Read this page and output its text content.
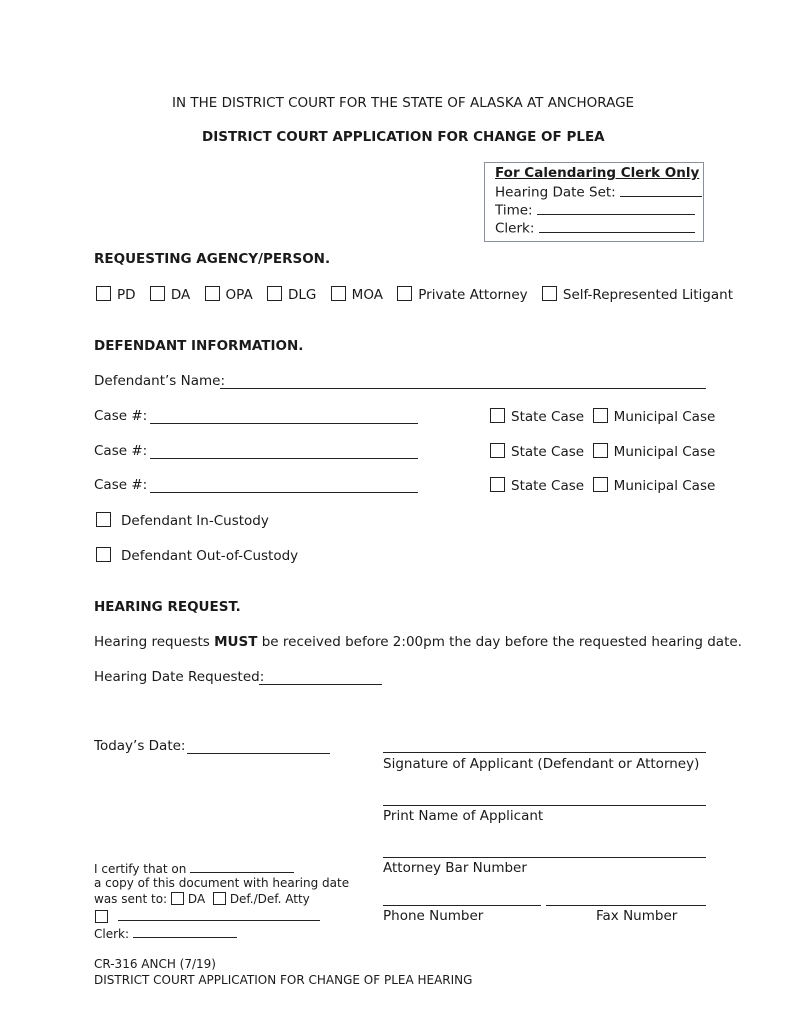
IN THE DISTRICT COURT FOR THE STATE OF ALASKA AT ANCHORAGE
DISTRICT COURT APPLICATION FOR CHANGE OF PLEA
For Calendaring Clerk Only
Hearing Date Set:
Time:
Clerk:
REQUESTING AGENCY/PERSON.
PD	DA	OPA	DLG	MOA	Private Attorney	Self-Represented Litigant
DEFENDANT INFORMATION.
Defendant’s Name:
Case #:	State Case Municipal Case
Case #:	State Case Municipal Case
Case #:	State Case Municipal Case
Defendant In-Custody
Defendant Out-of-Custody
HEARING REQUEST.
Hearing requests MUST be received before 2:00pm the day before the requested hearing date.
Hearing Date Requested:
Today’s Date:
Signature of Applicant (Defendant or Attorney)
Print Name of Applicant
Attorney Bar Number
Phone Number	Fax Number
I certify that on
a copy of this document with hearing date
was sent to: DA Def./Def. Atty

Clerk:
CR-316 ANCH (7/19)
DISTRICT COURT APPLICATION FOR CHANGE OF PLEA HEARING
